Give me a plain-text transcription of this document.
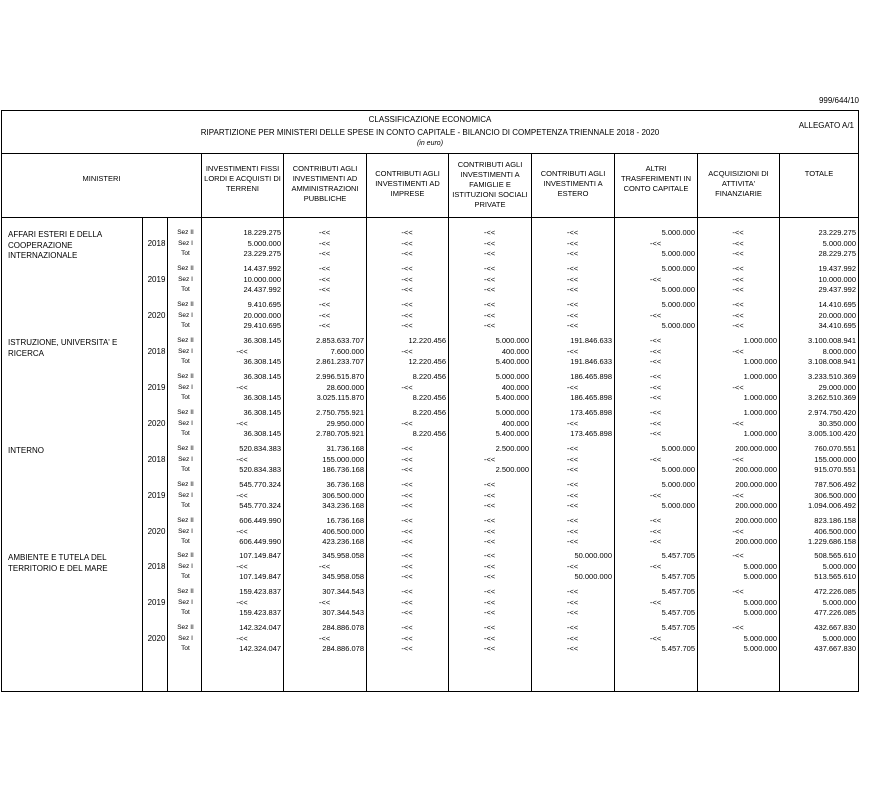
999/644/10
CLASSIFICAZIONE ECONOMICA
RIPARTIZIONE PER MINISTERI DELLE SPESE IN CONTO CAPITALE - BILANCIO DI COMPETENZA TRIENNALE 2018 - 2020
(in euro)
ALLEGATO A/1
MINISTERI
INVESTIMENTI FISSI LORDI E ACQUISTI DI TERRENI
CONTRIBUTI AGLI INVESTIMENTI AD AMMINISTRAZIONI PUBBLICHE
CONTRIBUTI AGLI INVESTIMENTI AD IMPRESE
CONTRIBUTI AGLI INVESTIMENTI A FAMIGLIE E ISTITUZIONI SOCIALI PRIVATE
CONTRIBUTI AGLI INVESTIMENTI A ESTERO
ALTRI TRASFERIMENTI IN CONTO CAPITALE
ACQUISIZIONI DI ATTIVITA' FINANZIARIE
TOTALE
AFFARI ESTERI E DELLA COOPERAZIONE INTERNAZIONALE
2018
Sez II	18.229.275	-<<	-<<	-<<	-<<	5.000.000	-<<	23.229.275
Sez I	5.000.000	-<<	-<<	-<<	-<<	-<<	-<<	5.000.000
Tot	23.229.275	-<<	-<<	-<<	-<<	5.000.000	-<<	28.229.275
2019
Sez II	14.437.992	-<<	-<<	-<<	-<<	5.000.000	-<<	19.437.992
Sez I	10.000.000	-<<	-<<	-<<	-<<	-<<	-<<	10.000.000
Tot	24.437.992	-<<	-<<	-<<	-<<	5.000.000	-<<	29.437.992
2020
Sez II	9.410.695	-<<	-<<	-<<	-<<	5.000.000	-<<	14.410.695
Sez I	20.000.000	-<<	-<<	-<<	-<<	-<<	-<<	20.000.000
Tot	29.410.695	-<<	-<<	-<<	-<<	5.000.000	-<<	34.410.695
ISTRUZIONE, UNIVERSITA' E RICERCA	2018
Sez II	36.308.145	2.853.633.707	12.220.456	5.000.000	191.846.633	-<<	1.000.000	3.100.008.941
Sez I	-<<	7.600.000	-<<	400.000	-<<	-<<	-<<	8.000.000
Tot	36.308.145	2.861.233.707	12.220.456	5.400.000	191.846.633	-<<	1.000.000	3.108.008.941
2019
Sez II	36.308.145	2.996.515.870	8.220.456	5.000.000	186.465.898	-<<	1.000.000	3.233.510.369
Sez I	-<<	28.600.000	-<<	400.000	-<<	-<<	-<<	29.000.000
Tot	36.308.145	3.025.115.870	8.220.456	5.400.000	186.465.898	-<<	1.000.000	3.262.510.369
2020
Sez II	36.308.145	2.750.755.921	8.220.456	5.000.000	173.465.898	-<<	1.000.000	2.974.750.420
Sez I	-<<	29.950.000	-<<	400.000	-<<	-<<	-<<	30.350.000
Tot	36.308.145	2.780.705.921	8.220.456	5.400.000	173.465.898	-<<	1.000.000	3.005.100.420
INTERNO
2018
Sez II	520.834.383	31.736.168	-<<	2.500.000	-<<	5.000.000	200.000.000	760.070.551
Sez I	-<<	155.000.000	-<<	-<<	-<<	-<<	-<<	155.000.000
Tot	520.834.383	186.736.168	-<<	2.500.000	-<<	5.000.000	200.000.000	915.070.551
2019
Sez II	545.770.324	36.736.168	-<<	-<<	-<<	5.000.000	200.000.000	787.506.492
Sez I	-<<	306.500.000	-<<	-<<	-<<	-<<	-<<	306.500.000
Tot	545.770.324	343.236.168	-<<	-<<	-<<	5.000.000	200.000.000	1.094.006.492
2020
Sez II	606.449.990	16.736.168	-<<	-<<	-<<	-<<	200.000.000	823.186.158
Sez I	-<<	406.500.000	-<<	-<<	-<<	-<<	-<<	406.500.000
Tot	606.449.990	423.236.168	-<<	-<<	-<<	-<<	200.000.000	1.229.686.158
AMBIENTE E TUTELA DEL TERRITORIO E DEL MARE	2018
Sez II	107.149.847	345.958.058	-<<	-<<	50.000.000	5.457.705	-<<	508.565.610
Sez I	-<<	-<<	-<<	-<<	-<<	-<<	5.000.000	5.000.000
Tot	107.149.847	345.958.058	-<<	-<<	50.000.000	5.457.705	5.000.000	513.565.610
2019
Sez II	159.423.837	307.344.543	-<<	-<<	-<<	5.457.705	-<<	472.226.085
Sez I	-<<	-<<	-<<	-<<	-<<	-<<	5.000.000	5.000.000
Tot	159.423.837	307.344.543	-<<	-<<	-<<	5.457.705	5.000.000	477.226.085
2020
Sez II	142.324.047	284.886.078	-<<	-<<	-<<	5.457.705	-<<	432.667.830
Sez I	-<<	-<<	-<<	-<<	-<<	-<<	5.000.000	5.000.000
Tot	142.324.047	284.886.078	-<<	-<<	-<<	5.457.705	5.000.000	437.667.830
